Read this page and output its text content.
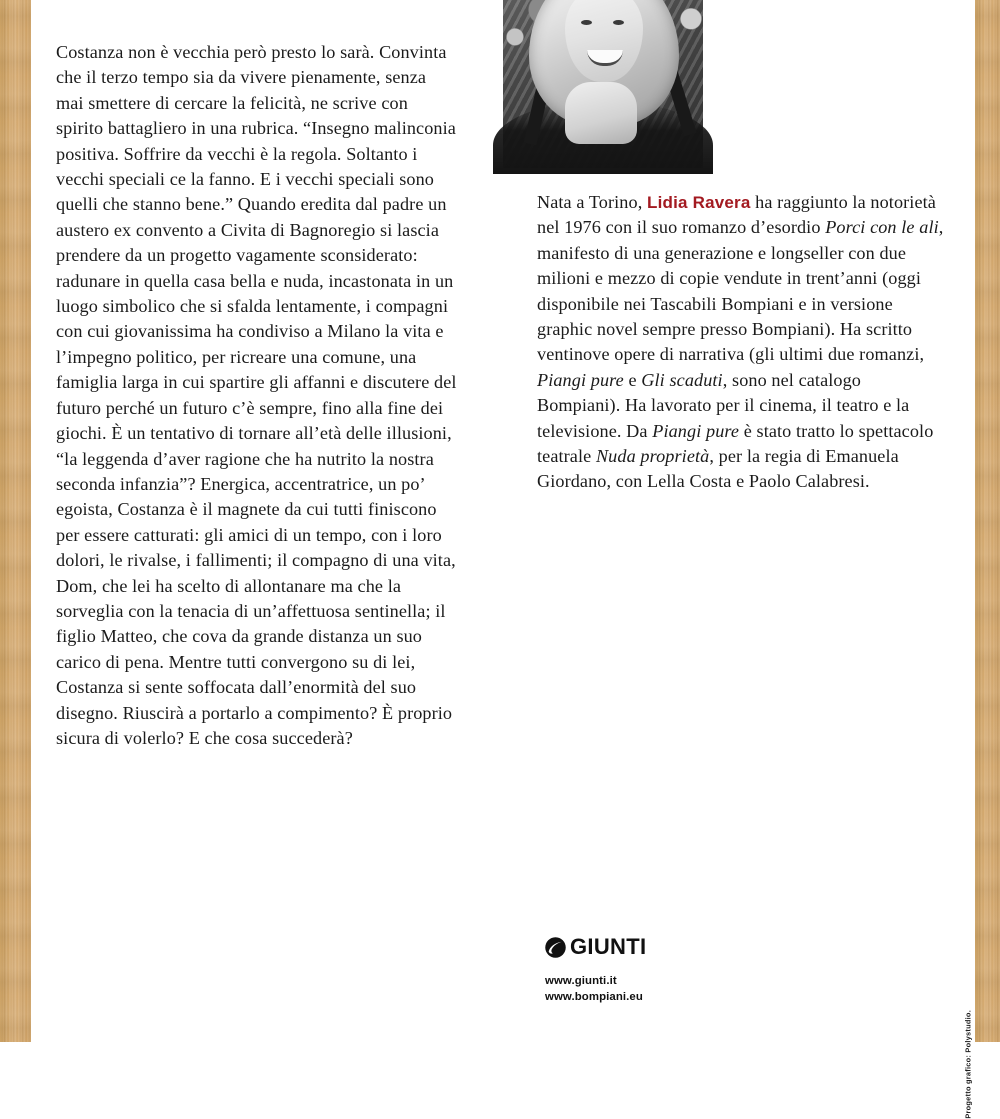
Costanza non è vecchia però presto lo sarà. Convinta che il terzo tempo sia da vivere pienamente, senza mai smettere di cercare la felicità, ne scrive con spirito battagliero in una rubrica. “Insegno malinconia positiva. Soffrire da vecchi è la regola. Soltanto i vecchi speciali ce la fanno. E i vecchi speciali sono quelli che stanno bene.” Quando eredita dal padre un austero ex convento a Civita di Bagnoregio si lascia prendere da un progetto vagamente sconsiderato: radunare in quella casa bella e nuda, incastonata in un luogo simbolico che si sfalda lentamente, i compagni con cui giovanissima ha condiviso a Milano la vita e l’impegno politico, per ricreare una comune, una famiglia larga in cui spartire gli affanni e discutere del futuro perché un futuro c’è sempre, fino alla fine dei giochi. È un tentativo di tornare all’età delle illusioni, “la leggenda d’aver ragione che ha nutrito la nostra seconda infanzia”? Energica, accentratrice, un po’ egoista, Costanza è il magnete da cui tutti finiscono per essere catturati: gli amici di un tempo, con i loro dolori, le rivalse, i fallimenti; il compagno di una vita, Dom, che lei ha scelto di allontanare ma che la sorveglia con la tenacia di un’affettuosa sentinella; il figlio Matteo, che cova da grande distanza un suo carico di pena. Mentre tutti convergono su di lei, Costanza si sente soffocata dall’enormità del suo disegno. Riuscirà a portarlo a compimento? È proprio sicura di volerlo? E che cosa succederà?

Nata a Torino, Lidia Ravera ha raggiunto la notorietà nel 1976 con il suo romanzo d’esordio Porci con le ali, manifesto di una generazione e longseller con due milioni e mezzo di copie vendute in trent’anni (oggi disponibile nei Tascabili Bompiani e in versione graphic novel sempre presso Bompiani). Ha scritto ventinove opere di narrativa (gli ultimi due romanzi, Piangi pure e Gli scaduti, sono nel catalogo Bompiani). Ha lavorato per il cinema, il teatro e la televisione. Da Piangi pure è stato tratto lo spettacolo teatrale Nuda proprietà, per la regia di Emanuela Giordano, con Lella Costa e Paolo Calabresi.

GIUNTI
www.giunti.it
www.bompiani.eu
Progetto grafico: Polystudio.
